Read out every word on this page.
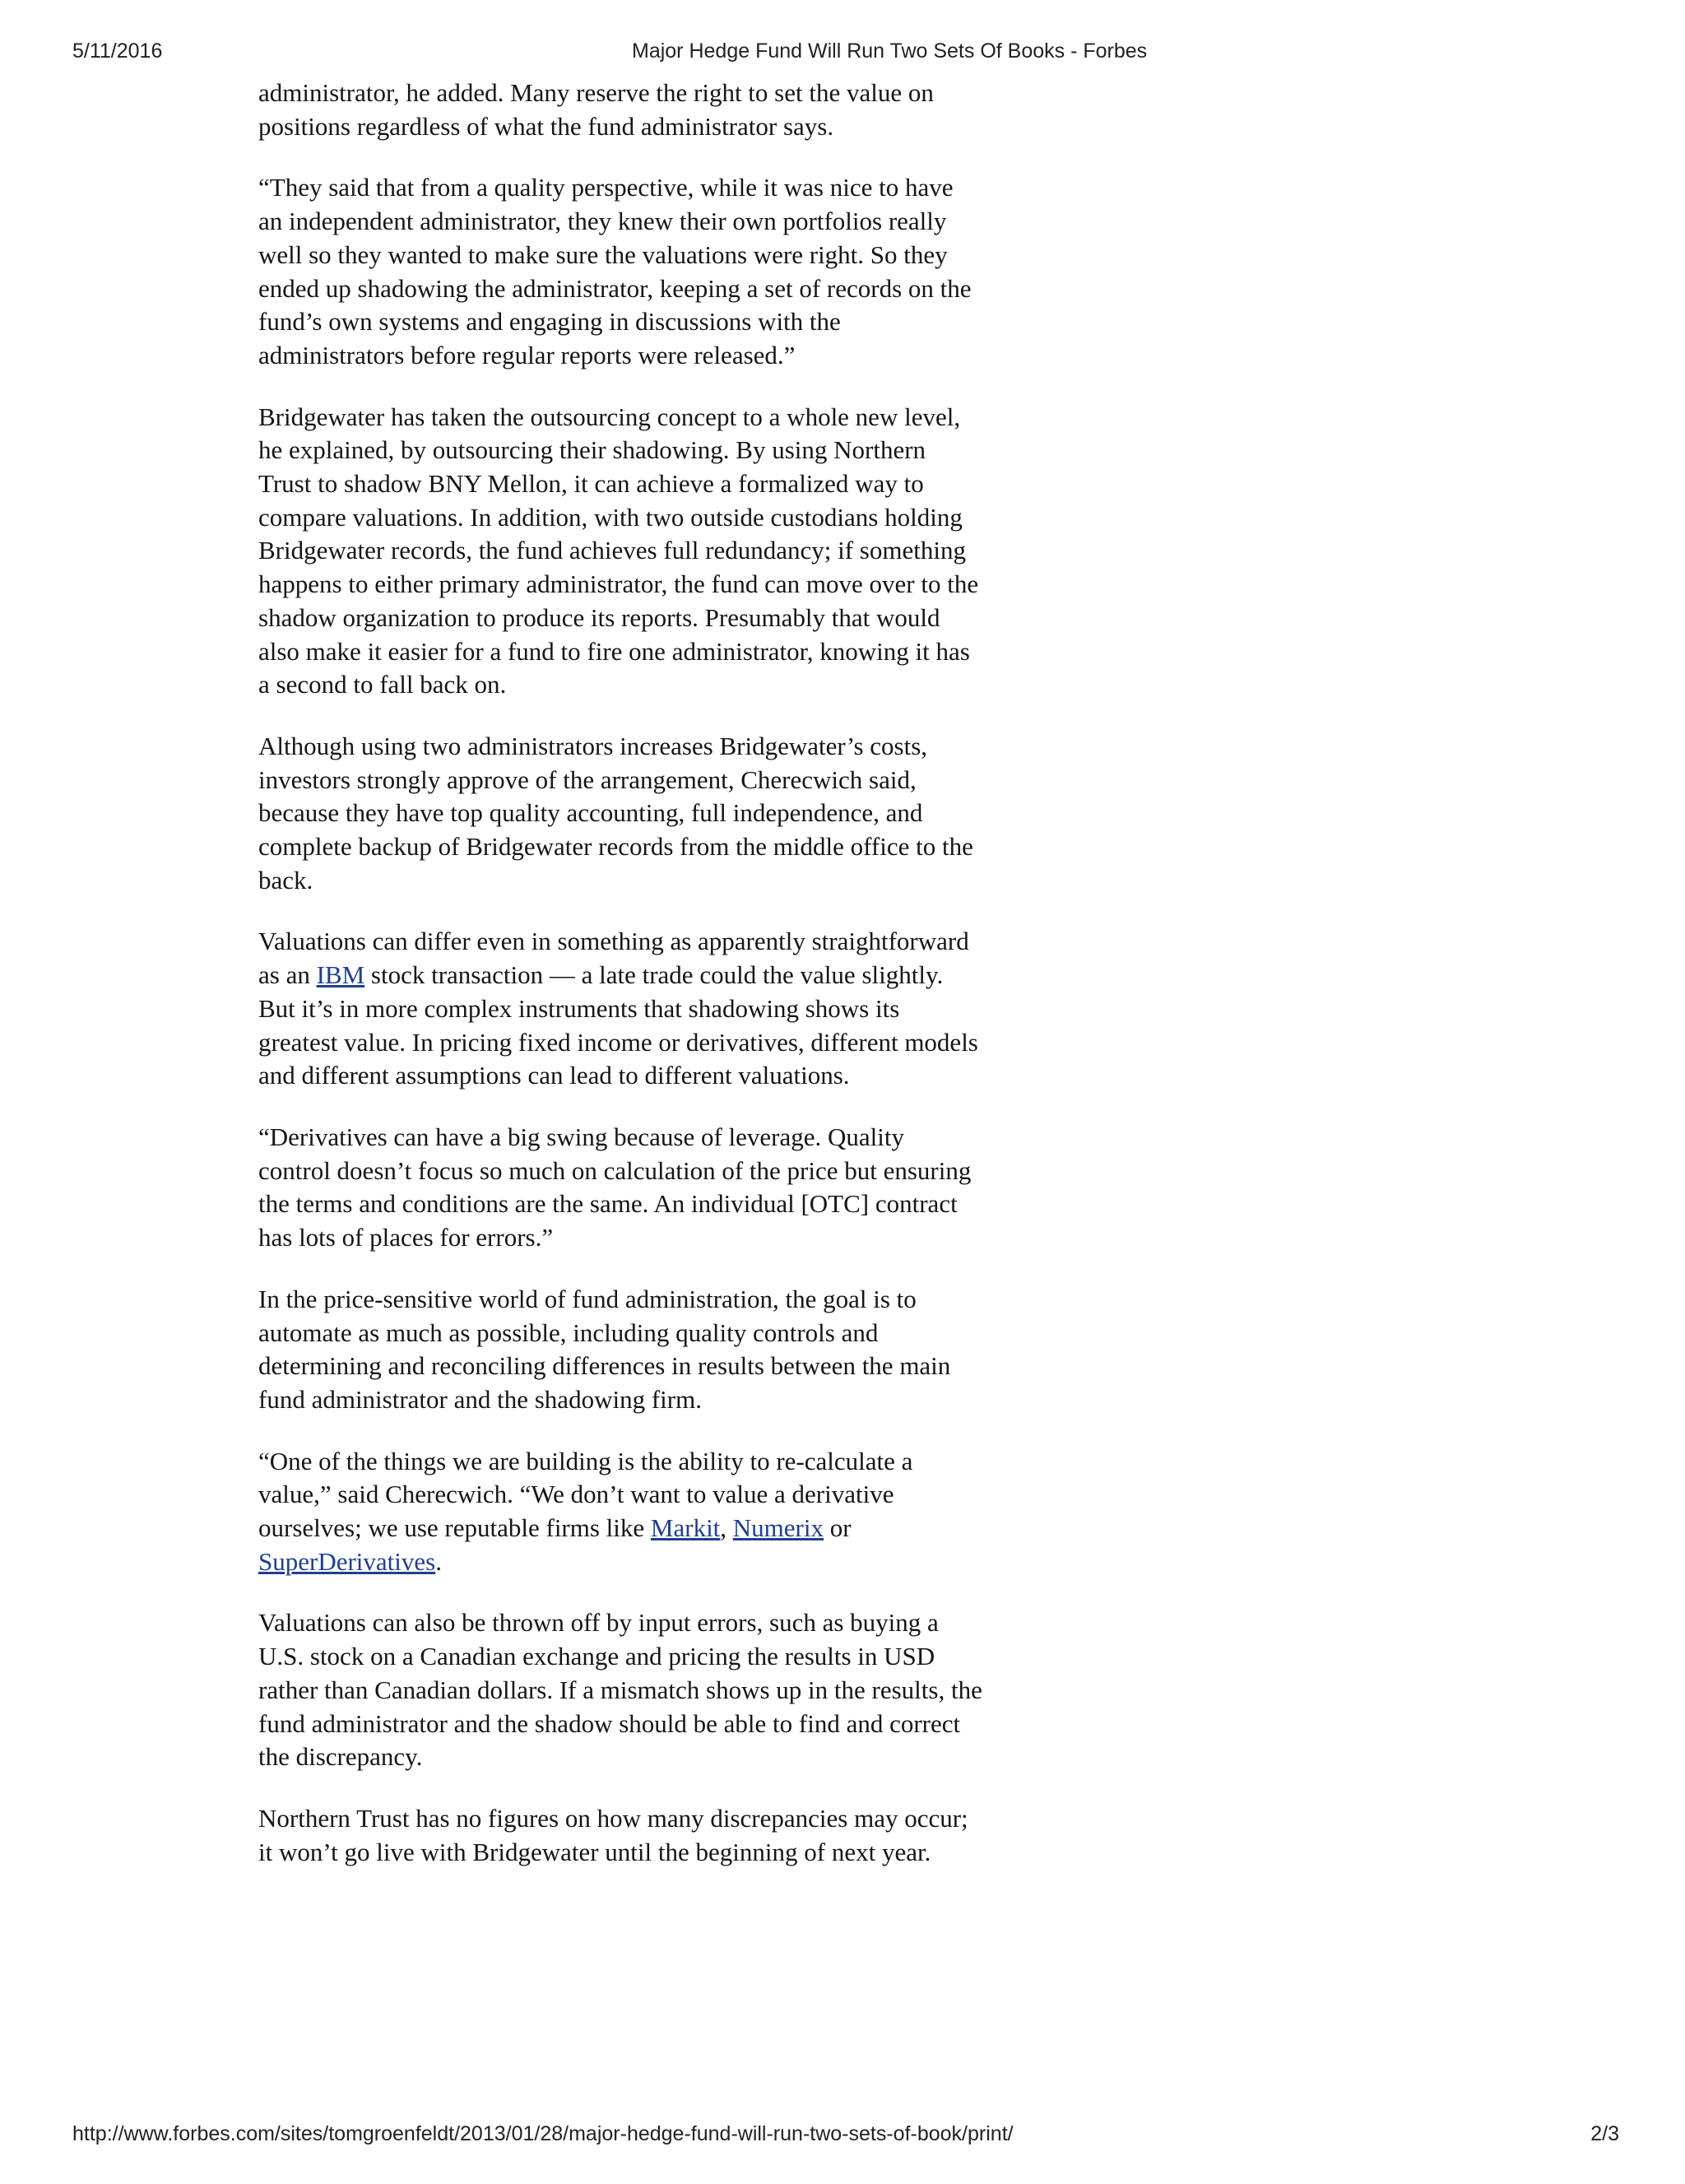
5/11/2016	Major Hedge Fund Will Run Two Sets Of Books - Forbes

administrator, he added. Many reserve the right to set the value on positions regardless of what the fund administrator says.

“They said that from a quality perspective, while it was nice to have an independent administrator, they knew their own portfolios really well so they wanted to make sure the valuations were right. So they ended up shadowing the administrator, keeping a set of records on the fund’s own systems and engaging in discussions with the administrators before regular reports were released.”

Bridgewater has taken the outsourcing concept to a whole new level, he explained, by outsourcing their shadowing. By using Northern Trust to shadow BNY Mellon, it can achieve a formalized way to compare valuations. In addition, with two outside custodians holding Bridgewater records, the fund achieves full redundancy; if something happens to either primary administrator, the fund can move over to the shadow organization to produce its reports. Presumably that would also make it easier for a fund to fire one administrator, knowing it has a second to fall back on.

Although using two administrators increases Bridgewater’s costs, investors strongly approve of the arrangement, Cherecwich said, because they have top quality accounting, full independence, and complete backup of Bridgewater records from the middle office to the back.

Valuations can differ even in something as apparently straightforward as an IBM stock transaction — a late trade could the value slightly. But it’s in more complex instruments that shadowing shows its greatest value. In pricing fixed income or derivatives, different models and different assumptions can lead to different valuations.

“Derivatives can have a big swing because of leverage. Quality control doesn’t focus so much on calculation of the price but ensuring the terms and conditions are the same. An individual [OTC] contract has lots of places for errors.”

In the price-sensitive world of fund administration, the goal is to automate as much as possible, including quality controls and determining and reconciling differences in results between the main fund administrator and the shadowing firm.

“One of the things we are building is the ability to re-calculate a value,” said Cherecwich. “We don’t want to value a derivative ourselves; we use reputable firms like Markit, Numerix or SuperDerivatives.

Valuations can also be thrown off by input errors, such as buying a U.S. stock on a Canadian exchange and pricing the results in USD rather than Canadian dollars. If a mismatch shows up in the results, the fund administrator and the shadow should be able to find and correct the discrepancy.

Northern Trust has no figures on how many discrepancies may occur; it won’t go live with Bridgewater until the beginning of next year.

http://www.forbes.com/sites/tomgroenfeldt/2013/01/28/major-hedge-fund-will-run-two-sets-of-book/print/	2/3
